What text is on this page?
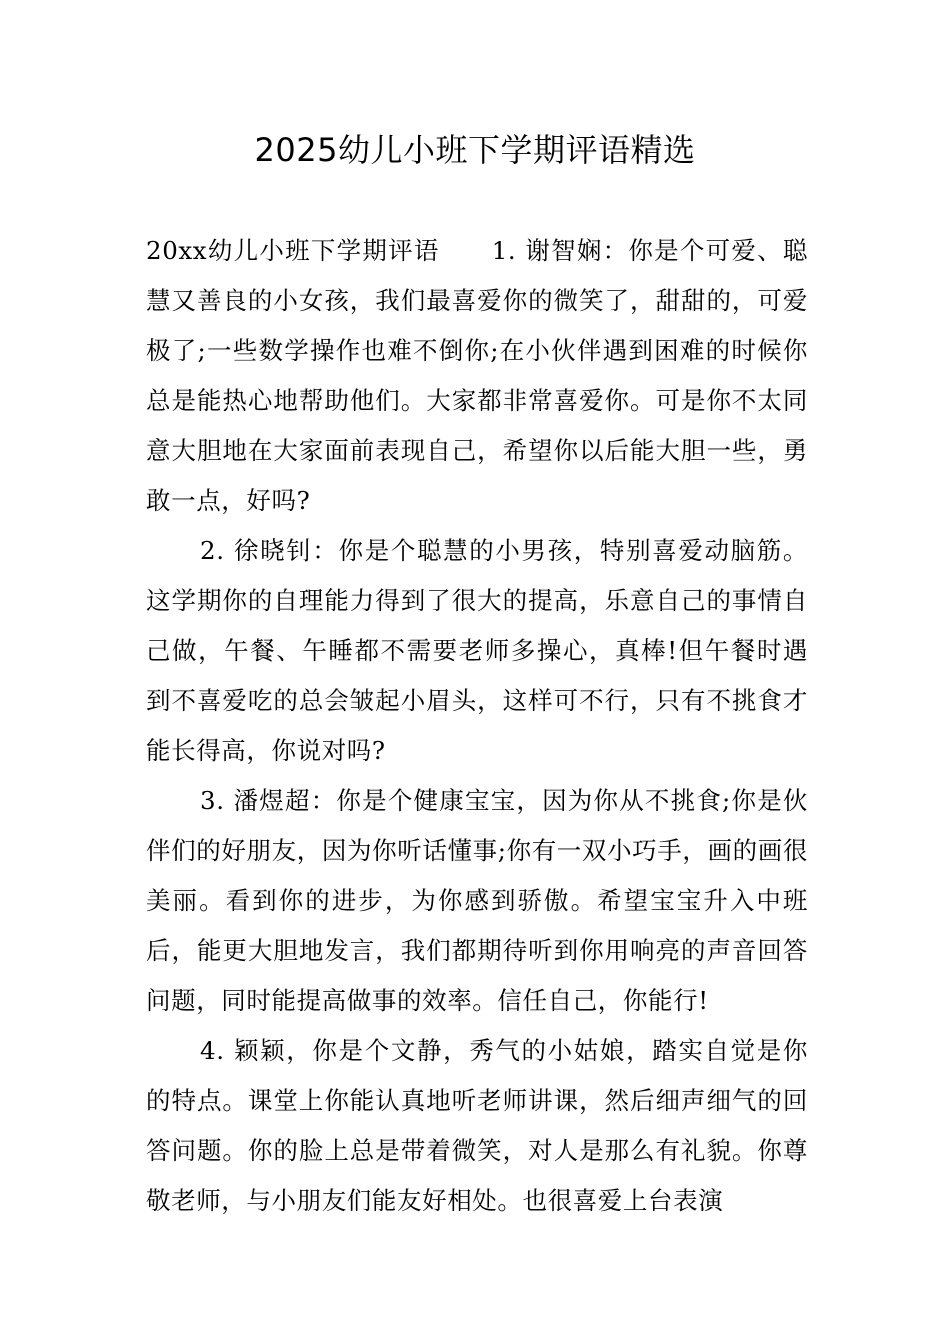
2025幼儿小班下学期评语精选

20xx幼儿小班下学期评语 1. 谢智娴：你是个可爱、聪慧又善良的小女孩，我们最喜爱你的微笑了，甜甜的，可爱极了;一些数学操作也难不倒你;在小伙伴遇到困难的时候你总是能热心地帮助他们。大家都非常喜爱你。可是你不太同意大胆地在大家面前表现自己，希望你以后能大胆一些，勇敢一点，好吗?

2. 徐晓钊：你是个聪慧的小男孩，特别喜爱动脑筋。这学期你的自理能力得到了很大的提高，乐意自己的事情自己做，午餐、午睡都不需要老师多操心，真棒!但午餐时遇到不喜爱吃的总会皱起小眉头，这样可不行，只有不挑食才能长得高，你说对吗?

3. 潘煜超：你是个健康宝宝，因为你从不挑食;你是伙伴们的好朋友，因为你听话懂事;你有一双小巧手，画的画很美丽。看到你的进步，为你感到骄傲。希望宝宝升入中班后，能更大胆地发言，我们都期待听到你用响亮的声音回答问题，同时能提高做事的效率。信任自己，你能行!

4. 颖颖，你是个文静，秀气的小姑娘，踏实自觉是你的特点。课堂上你能认真地听老师讲课，然后细声细气的回答问题。你的脸上总是带着微笑，对人是那么有礼貌。你尊敬老师，与小朋友们能友好相处。也很喜爱上台表演
